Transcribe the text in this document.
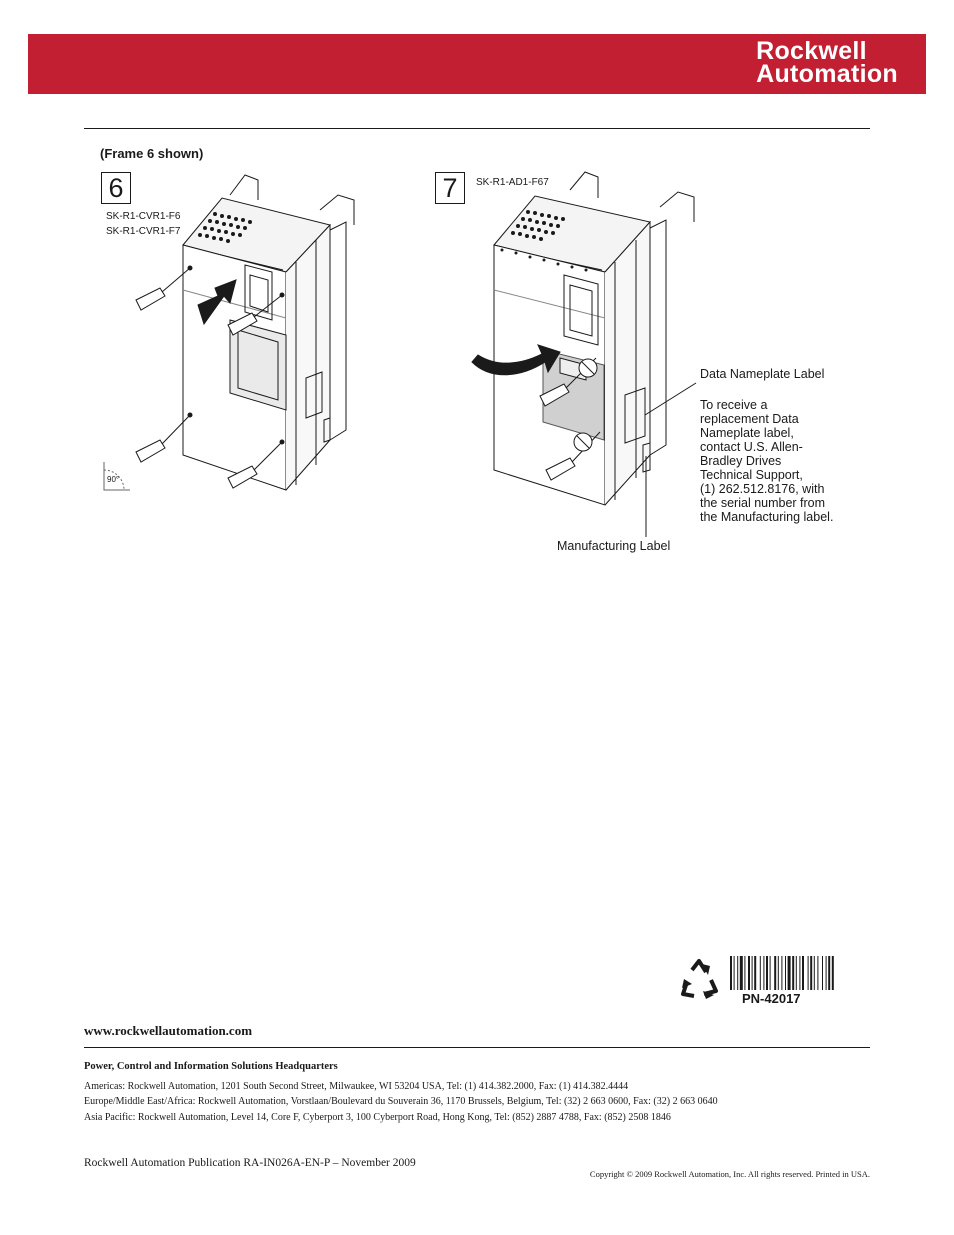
Rockwell
Automation
(Frame 6 shown)
6
SK-R1-CVR1-F6
SK-R1-CVR1-F7
90°
7	SK-R1-AD1-F67
Data Nameplate Label
To receive a
replacement Data
Nameplate label,
contact U.S. Allen-
Bradley Drives
Technical Support,
(1) 262.512.8176, with
the serial number from
the Manufacturing label.
Manufacturing Label
PN-42017
www.rockwellautomation.com
Power, Control and Information Solutions Headquarters
Americas: Rockwell Automation, 1201 South Second Street, Milwaukee, WI 53204 USA, Tel: (1) 414.382.2000, Fax: (1) 414.382.4444
Europe/Middle East/Africa: Rockwell Automation, Vorstlaan/Boulevard du Souverain 36, 1170 Brussels, Belgium, Tel: (32) 2 663 0600, Fax: (32) 2 663 0640
Asia Pacific: Rockwell Automation, Level 14, Core F, Cyberport 3, 100 Cyberport Road, Hong Kong, Tel: (852) 2887 4788, Fax: (852) 2508 1846
Rockwell Automation Publication RA-IN026A-EN-P – November 2009
Copyright © 2009 Rockwell Automation, Inc. All rights reserved. Printed in USA.
